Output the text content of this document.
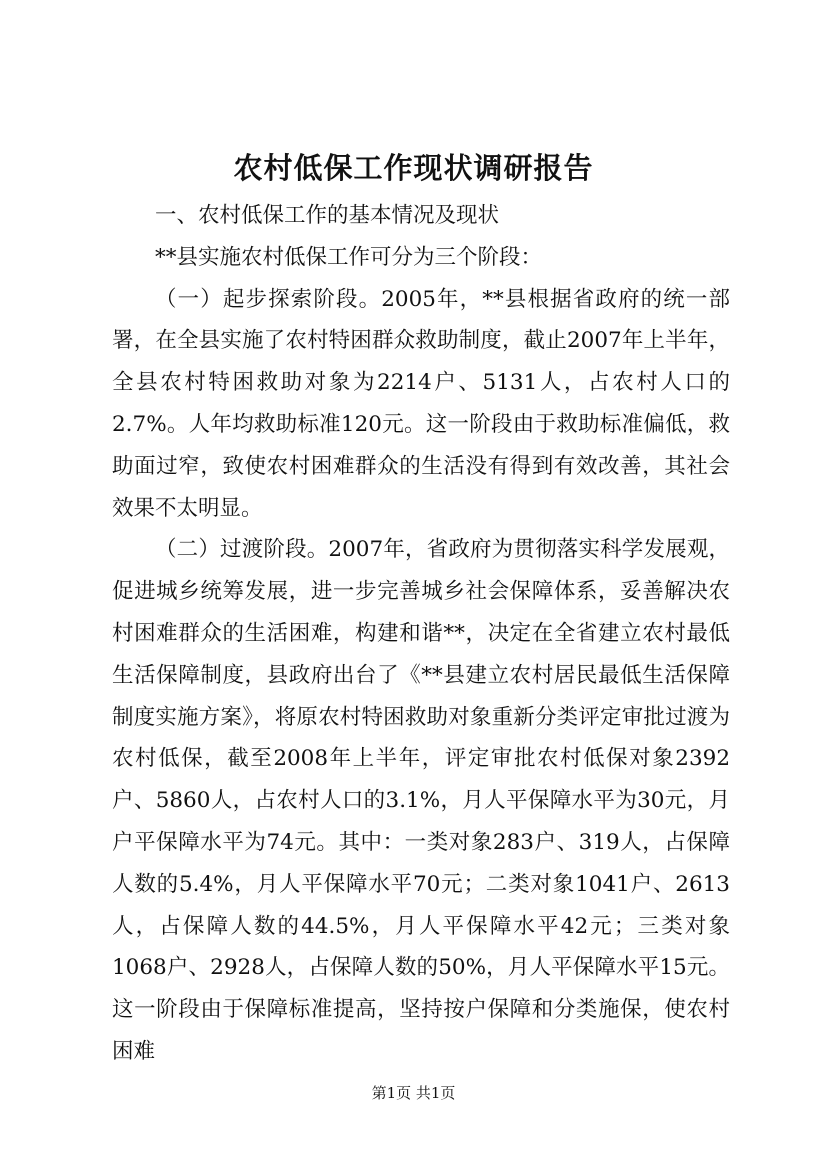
农村低保工作现状调研报告

一、农村低保工作的基本情况及现状

**县实施农村低保工作可分为三个阶段：

（一）起步探索阶段。2005年，**县根据省政府的统一部署，在全县实施了农村特困群众救助制度，截止2007年上半年，全县农村特困救助对象为2214户、5131人，占农村人口的2.7%。人年均救助标准120元。这一阶段由于救助标准偏低，救助面过窄，致使农村困难群众的生活没有得到有效改善，其社会效果不太明显。

（二）过渡阶段。2007年，省政府为贯彻落实科学发展观，促进城乡统筹发展，进一步完善城乡社会保障体系，妥善解决农村困难群众的生活困难，构建和谐**，决定在全省建立农村最低生活保障制度，县政府出台了《**县建立农村居民最低生活保障制度实施方案》，将原农村特困救助对象重新分类评定审批过渡为农村低保，截至2008年上半年，评定审批农村低保对象2392户、5860人，占农村人口的3.1%，月人平保障水平为30元，月户平保障水平为74元。其中：一类对象283户、319人，占保障人数的5.4%，月人平保障水平70元；二类对象1041户、2613人，占保障人数的44.5%，月人平保障水平42元；三类对象1068户、2928人，占保障人数的50%，月人平保障水平15元。这一阶段由于保障标准提高，坚持按户保障和分类施保，使农村困难

第1页 共1页
